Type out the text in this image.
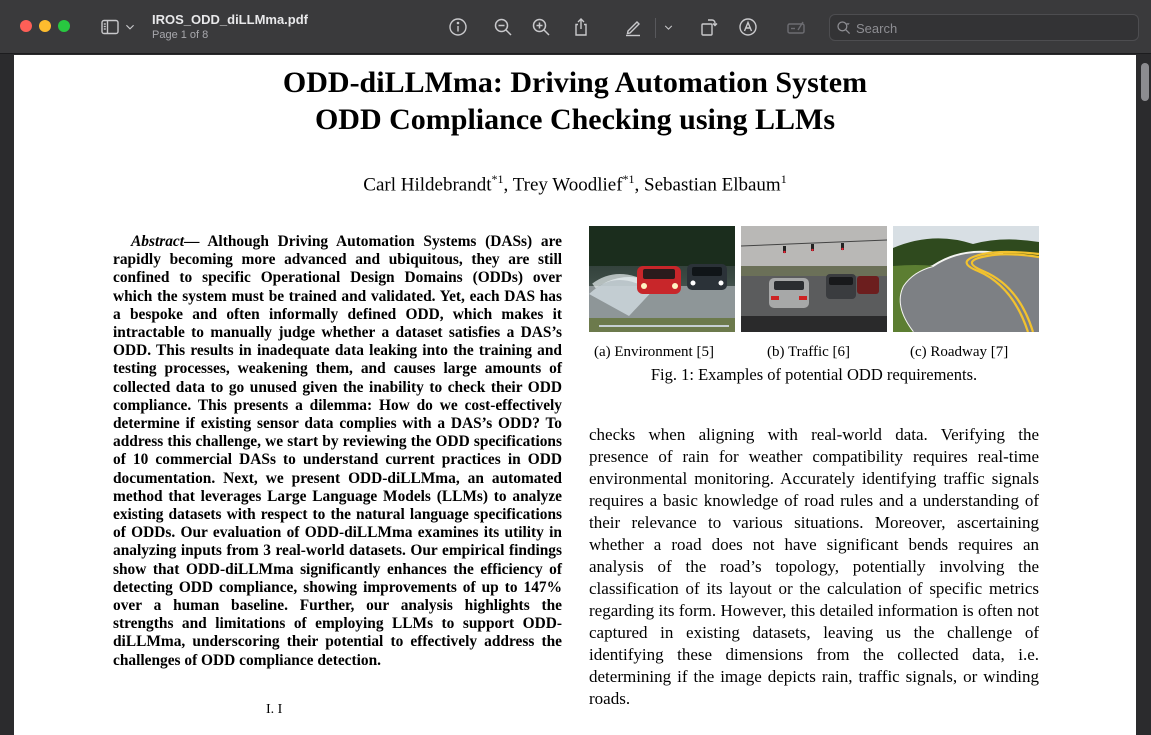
IROS_ODD_diLLMma.pdf
Page 1 of 8
Search
ODD-diLLMma: Driving Automation System
ODD Compliance Checking using LLMs
Carl Hildebrandt$^{*1}$, Trey Woodlief$^{*1}$, Sebastian Elbaum$^1$
Abstract— Although Driving Automation Systems (DASs) are rapidly becoming more advanced and ubiquitous, they are still confined to specific Operational Design Domains (ODDs) over which the system must be trained and validated. Yet, each DAS has a bespoke and often informally defined ODD, which makes it intractable to manually judge whether a dataset satisfies a DAS’s ODD. This results in inadequate data leaking into the training and testing processes, weakening them, and causes large amounts of collected data to go unused given the inability to check their ODD compliance. This presents a dilemma: How do we cost-effectively determine if existing sensor data complies with a DAS’s ODD? To address this challenge, we start by reviewing the ODD specifications of 10 commercial DASs to understand current practices in ODD documentation. Next, we present ODD-diLLMma, an automated method that leverages Large Language Models (LLMs) to analyze existing datasets with respect to the natural language specifications of ODDs. Our evaluation of ODD-diLLMma examines its utility in analyzing inputs from 3 real-world datasets. Our empirical findings show that ODD-diLLMma significantly enhances the efficiency of detecting ODD compliance, showing improvements of up to 147% over a human baseline. Further, our analysis highlights the strengths and limitations of employing LLMs to support ODD-diLLMma, underscoring their potential to effectively address the challenges of ODD compliance detection.
(a) Environment [5]	(b) Traffic [6]	(c) Roadway [7]
Fig. 1: Examples of potential ODD requirements.
checks when aligning with real-world data. Verifying the presence of rain for weather compatibility requires real-time environmental monitoring. Accurately identifying traffic signals requires a basic knowledge of road rules and a understanding of their relevance to various situations. Moreover, ascertaining whether a road does not have significant bends requires an analysis of the road’s topology, potentially involving the classification of its layout or the calculation of specific metrics regarding its form. However, this detailed information is often not captured in existing datasets, leaving us the challenge of identifying these dimensions from the collected data, i.e. determining if the image depicts rain, traffic signals, or winding roads.
I. I
